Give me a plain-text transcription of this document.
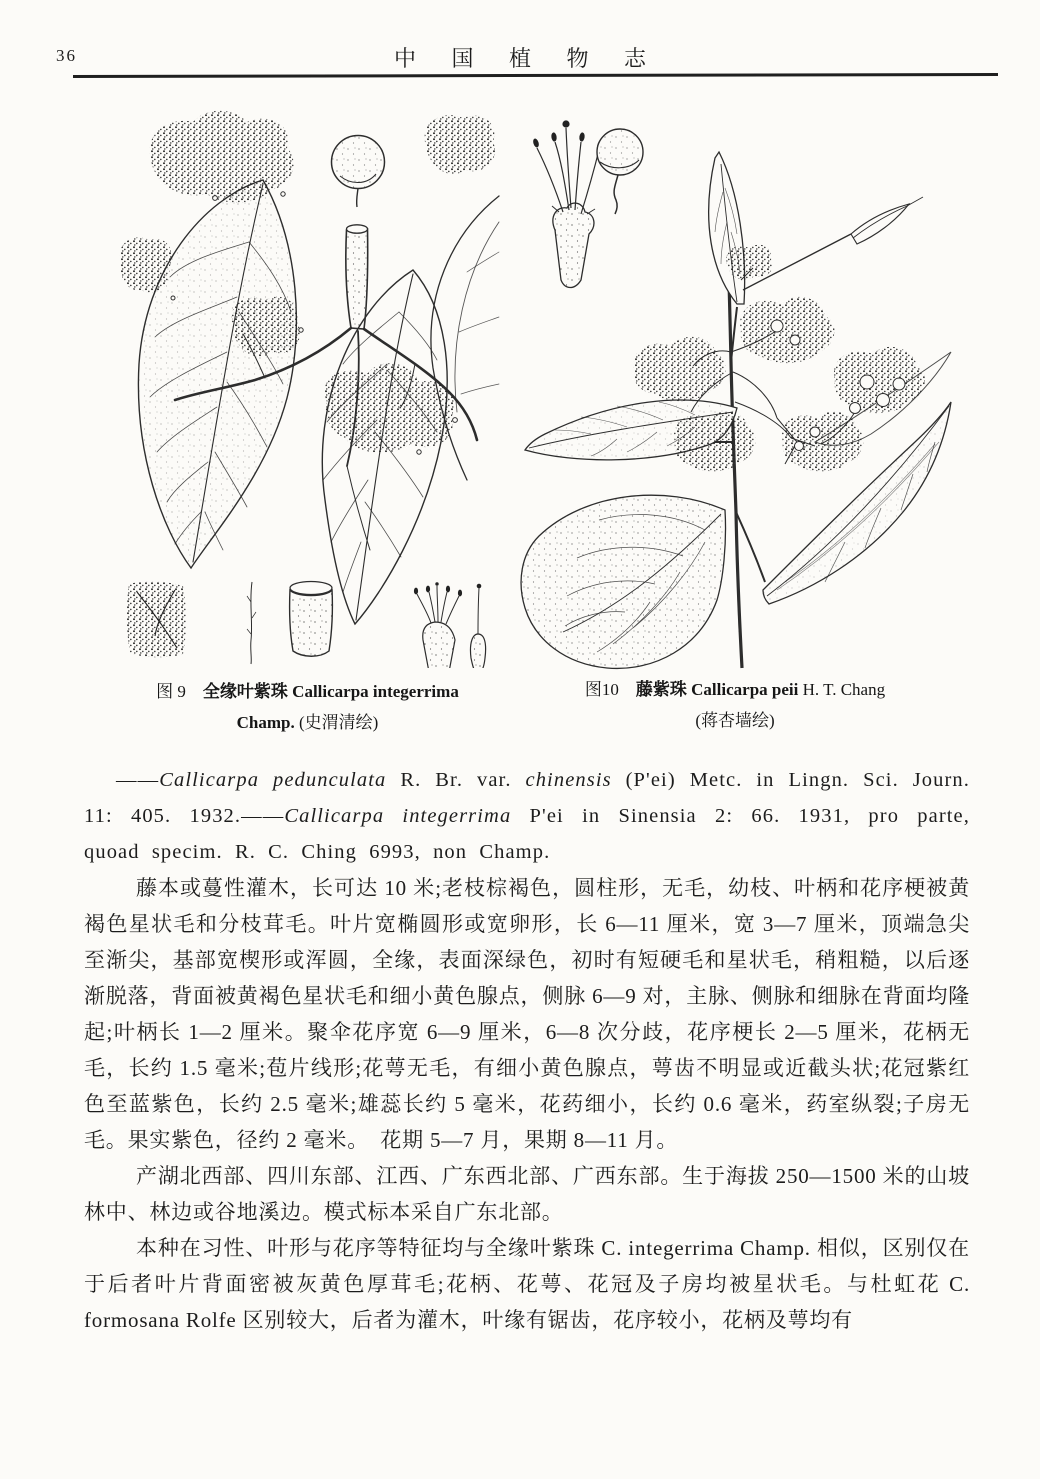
36	中 国 植 物 志
图 9　全缘叶紫珠 Callicarpa integerrima
Champ. (史渭清绘)
图10　藤紫珠 Callicarpa peii H. T. Chang
(蒋杏墙绘)

——Callicarpa pedunculata R. Br. var. chinensis (P'ei) Metc. in Lingn. Sci. Journ. 11: 405. 1932.——Callicarpa integerrima P'ei in Sinensia 2: 66. 1931, pro parte, quoad specim. R. C. Ching 6993, non Champ.

藤本或蔓性灌木，长可达 10 米;老枝棕褐色，圆柱形，无毛，幼枝、叶柄和花序梗被黄褐色星状毛和分枝茸毛。叶片宽椭圆形或宽卵形，长 6—11 厘米，宽 3—7 厘米，顶端急尖至渐尖，基部宽楔形或浑圆，全缘，表面深绿色，初时有短硬毛和星状毛，稍粗糙，以后逐渐脱落，背面被黄褐色星状毛和细小黄色腺点，侧脉 6—9 对，主脉、侧脉和细脉在背面均隆起;叶柄长 1—2 厘米。聚伞花序宽 6—9 厘米，6—8 次分歧，花序梗长 2—5 厘米，花柄无毛，长约 1.5 毫米;苞片线形;花萼无毛，有细小黄色腺点，萼齿不明显或近截头状;花冠紫红色至蓝紫色，长约 2.5 毫米;雄蕊长约 5 毫米，花药细小，长约 0.6 毫米，药室纵裂;子房无毛。果实紫色，径约 2 毫米。　花期 5—7 月，果期 8—11 月。

产湖北西部、四川东部、江西、广东西北部、广西东部。生于海拔 250—1500 米的山坡林中、林边或谷地溪边。模式标本采自广东北部。

本种在习性、叶形与花序等特征均与全缘叶紫珠 C. integerrima Champ. 相似，区别仅在于后者叶片背面密被灰黄色厚茸毛;花柄、花萼、花冠及子房均被星状毛。与杜虹花 C. formosana Rolfe 区别较大，后者为灌木，叶缘有锯齿，花序较小，花柄及萼均有
